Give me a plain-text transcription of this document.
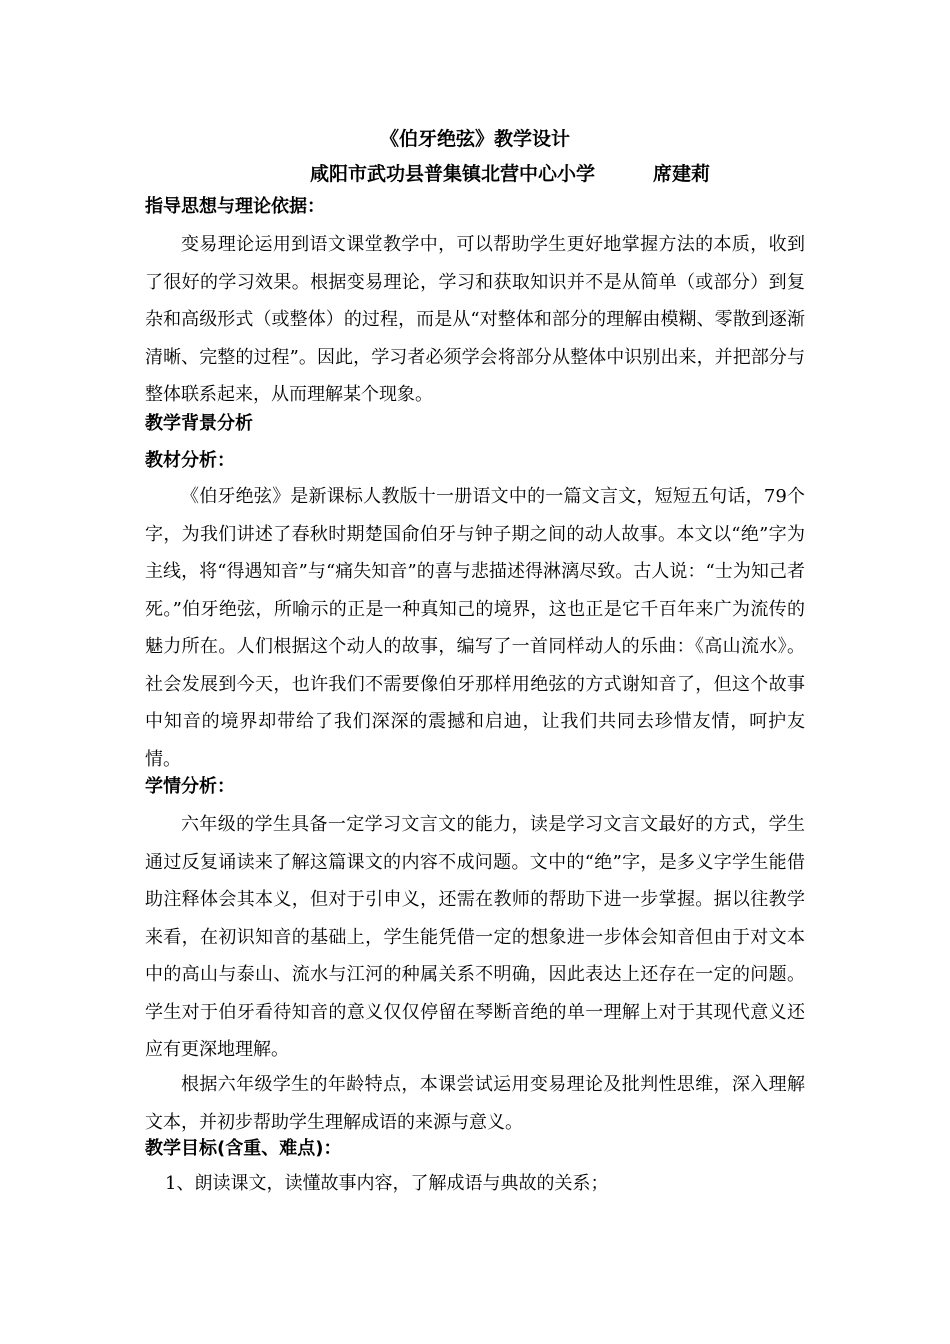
《伯牙绝弦》教学设计
咸阳市武功县普集镇北营中心小学	席建莉
指导思想与理论依据：
变易理论运用到语文课堂教学中，可以帮助学生更好地掌握方法的本质，收到了很好的学习效果。根据变易理论，学习和获取知识并不是从简单（或部分）到复杂和高级形式（或整体）的过程，而是从“对整体和部分的理解由模糊、零散到逐渐清晰、完整的过程”。因此，学习者必须学会将部分从整体中识别出来，并把部分与整体联系起来，从而理解某个现象。
教学背景分析
教材分析：
《伯牙绝弦》是新课标人教版十一册语文中的一篇文言文，短短五句话，79个字，为我们讲述了春秋时期楚国俞伯牙与钟子期之间的动人故事。本文以“绝”字为主线，将“得遇知音”与“痛失知音”的喜与悲描述得淋漓尽致。古人说：“士为知己者死。”伯牙绝弦，所喻示的正是一种真知己的境界，这也正是它千百年来广为流传的魅力所在。人们根据这个动人的故事，编写了一首同样动人的乐曲：《高山流水》。社会发展到今天，也许我们不需要像伯牙那样用绝弦的方式谢知音了，但这个故事中知音的境界却带给了我们深深的震撼和启迪，让我们共同去珍惜友情，呵护友情。
学情分析：
六年级的学生具备一定学习文言文的能力，读是学习文言文最好的方式，学生通过反复诵读来了解这篇课文的内容不成问题。文中的“绝”字，是多义字学生能借助注释体会其本义，但对于引申义，还需在教师的帮助下进一步掌握。据以往教学来看，在初识知音的基础上，学生能凭借一定的想象进一步体会知音但由于对文本中的高山与泰山、流水与江河的种属关系不明确，因此表达上还存在一定的问题。学生对于伯牙看待知音的意义仅仅停留在琴断音绝的单一理解上对于其现代意义还应有更深地理解。
根据六年级学生的年龄特点，本课尝试运用变易理论及批判性思维，深入理解文本，并初步帮助学生理解成语的来源与意义。
教学目标(含重、难点)：
1、朗读课文，读懂故事内容，了解成语与典故的关系；
